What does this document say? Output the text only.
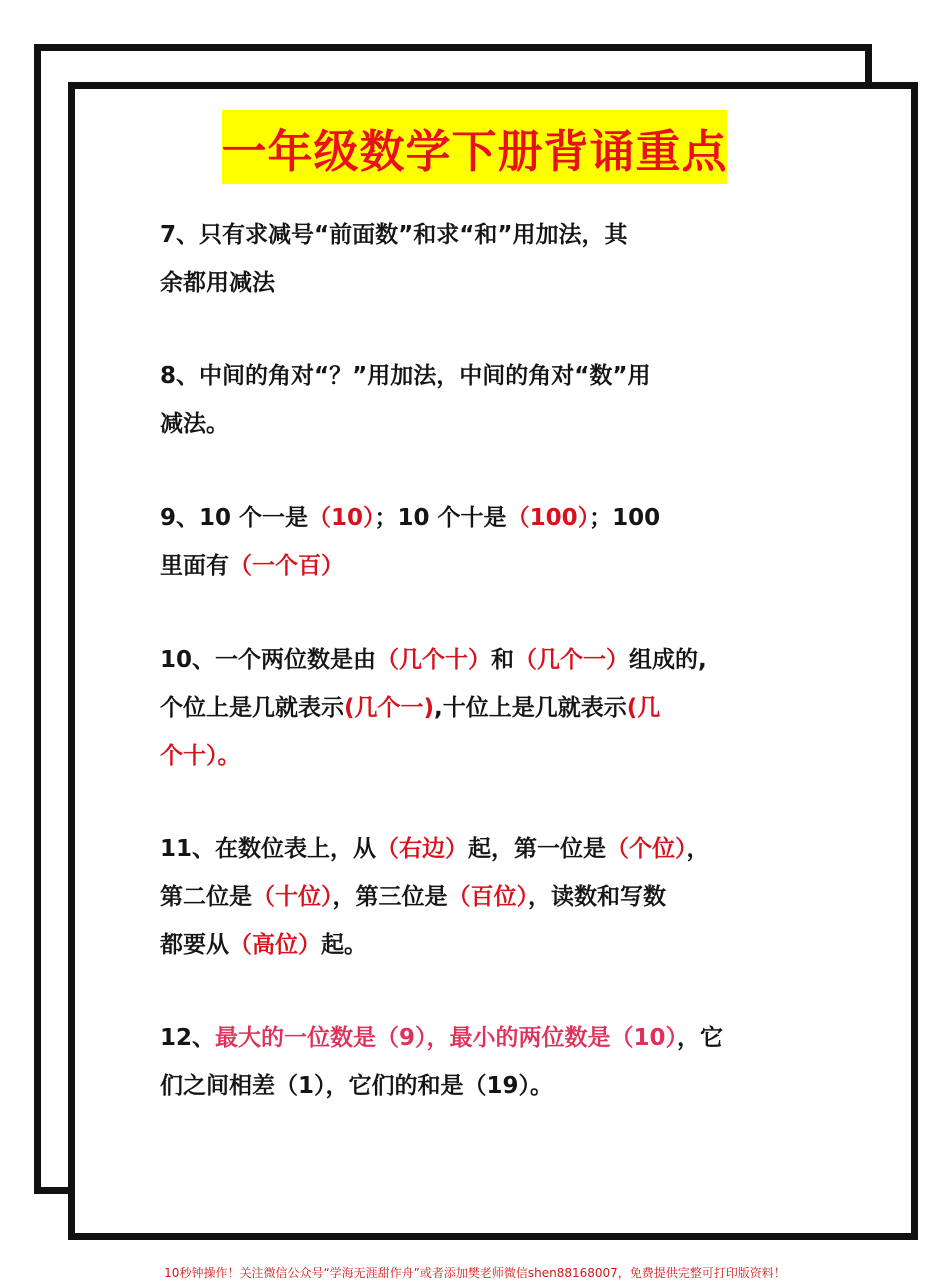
一年级数学下册背诵重点
7、只有求减号“前面数”和求“和”用加法，其
余都用减法
8、中间的角对“？”用加法，中间的角对“数”用
减法。
9、10 个一是（10）；10 个十是（100）；100
里面有（一个百）
10、一个两位数是由（几个十）和（几个一）组成的,
个位上是几就表示(几个一),十位上是几就表示(几
个十）。
11、在数位表上，从（右边）起，第一位是（个位），
第二位是（十位），第三位是（百位），读数和写数
都要从（高位）起。
12、最大的一位数是（9），最小的两位数是（10），它
们之间相差（1），它们的和是（19）。
10秒钟操作！关注微信公众号“学海无涯甜作舟”或者添加樊老师微信shen88168007，免费提供完整可打印版资料！
